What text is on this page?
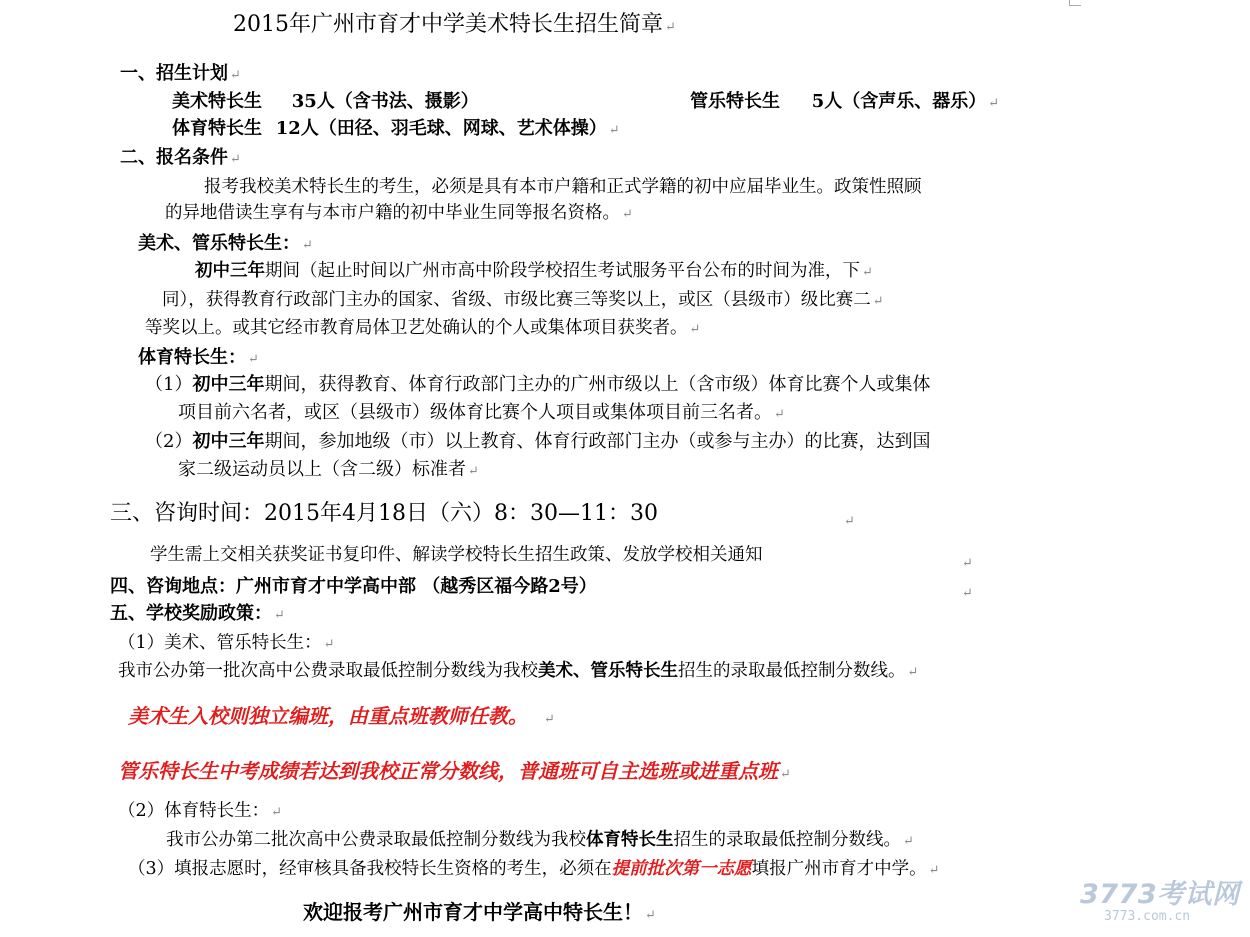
2015年广州市育才中学美术特长生招生简章 ↵
一、招生计划 ↵
美术特长生 35人（含书法、摄影）	管乐特长生 5人（含声乐、器乐） ↵
体育特长生 12人（田径、羽毛球、网球、艺术体操） ↵
二、报名条件 ↵
报考我校美术特长生的考生，必须是具有本市户籍和正式学籍的初中应届毕业生。政策性照顾
的异地借读生享有与本市户籍的初中毕业生同等报名资格。 ↵
美术、管乐特长生： ↵
初中三年期间（起止时间以广州市高中阶段学校招生考试服务平台公布的时间为准，下 ↵
同），获得教育行政部门主办的国家、省级、市级比赛三等奖以上，或区（县级市）级比赛二 ↵
等奖以上。或其它经市教育局体卫艺处确认的个人或集体项目获奖者。 ↵
体育特长生： ↵
（1）初中三年期间，获得教育、体育行政部门主办的广州市级以上（含市级）体育比赛个人或集体
项目前六名者，或区（县级市）级体育比赛个人项目或集体项目前三名者。 ↵
（2）初中三年期间，参加地级（市）以上教育、体育行政部门主办（或参与主办）的比赛，达到国
家二级运动员以上（含二级）标准者 ↵
三、咨询时间：2015年4月18日（六）8：30—11：30	↵
学生需上交相关获奖证书复印件、解读学校特长生招生政策、发放学校相关通知	↵
四、咨询地点：广州市育才中学高中部 （越秀区福今路2号）	↵
五、学校奖励政策： ↵
（1）美术、管乐特长生： ↵
我市公办第一批次高中公费录取最低控制分数线为我校美术、管乐特长生招生的录取最低控制分数线。 ↵
美术生入校则独立编班，由重点班教师任教。 ↵
管乐特长生中考成绩若达到我校正常分数线，普通班可自主选班或进重点班 ↵
（2）体育特长生： ↵
我市公办第二批次高中公费录取最低控制分数线为我校体育特长生招生的录取最低控制分数线。 ↵
（3）填报志愿时，经审核具备我校特长生资格的考生，必须在提前批次第一志愿填报广州市育才中学。 ↵
欢迎报考广州市育才中学高中特长生！ ↵
3773考试网
3773.com.cn
